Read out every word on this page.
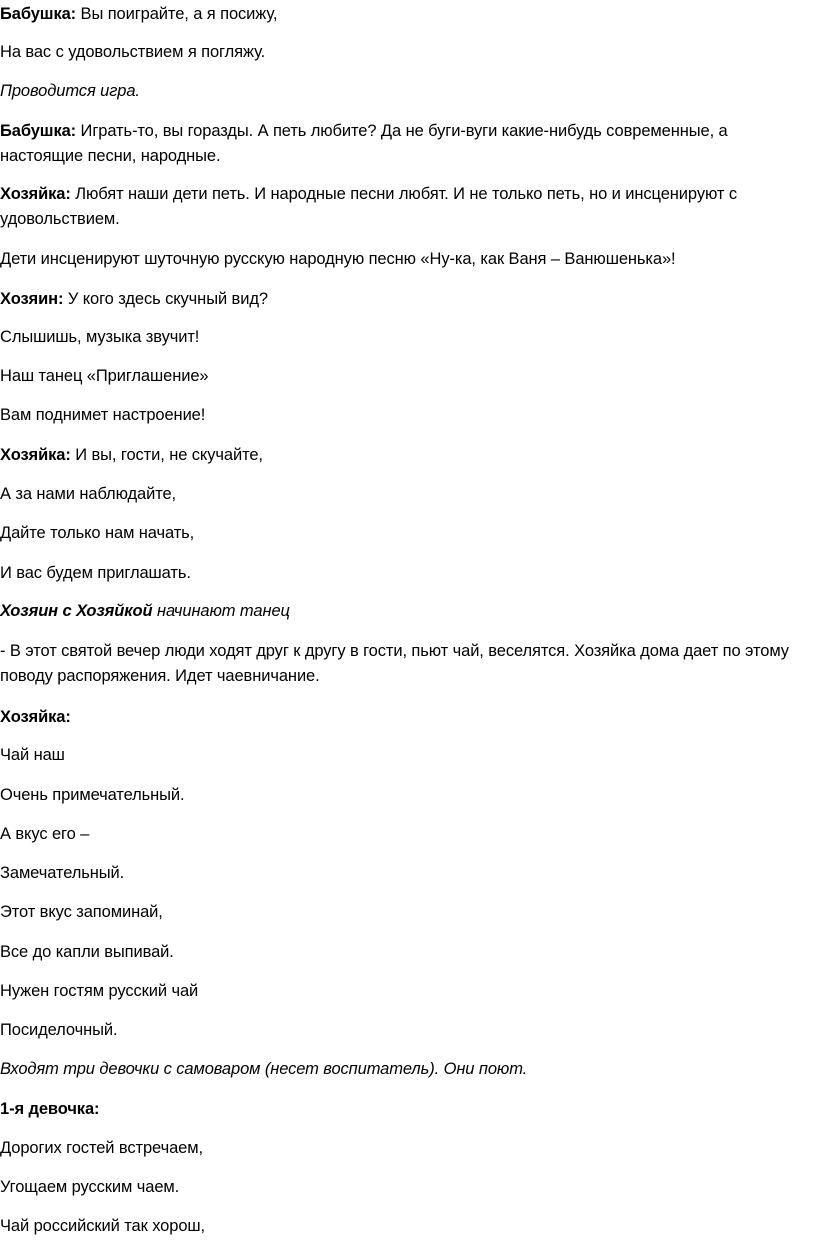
Бабушка: Вы поиграйте, а я посижу,
На вас с удовольствием я погляжу.
Проводится игра.
Бабушка: Играть-то, вы горазды. А петь любите? Да не буги-вуги какие-нибудь современные, а настоящие песни, народные.
Хозяйка: Любят наши дети петь. И народные песни любят. И не только петь, но и инсценируют с удовольствием.
Дети инсценируют шуточную русскую народную песню «Ну-ка, как Ваня – Ванюшенька»!
Хозяин: У кого здесь скучный вид?
Слышишь, музыка звучит!
Наш танец «Приглашение»
Вам поднимет настроение!
Хозяйка: И вы, гости, не скучайте,
А за нами наблюдайте,
Дайте только нам начать,
И вас будем приглашать.
Хозяин с Хозяйкой начинают танец
- В этот святой вечер люди ходят друг к другу в гости, пьют чай, веселятся. Хозяйка дома дает по этому поводу распоряжения. Идет чаевничание.
Хозяйка:
Чай наш
Очень примечательный.
А вкус его –
Замечательный.
Этот вкус запоминай,
Все до капли выпивай.
Нужен гостям русский чай
Посиделочный.
Входят три девочки с самоваром (несет воспитатель). Они поют.
1-я девочка:
Дорогих гостей встречаем,
Угощаем русским чаем.
Чай российский так хорош,
